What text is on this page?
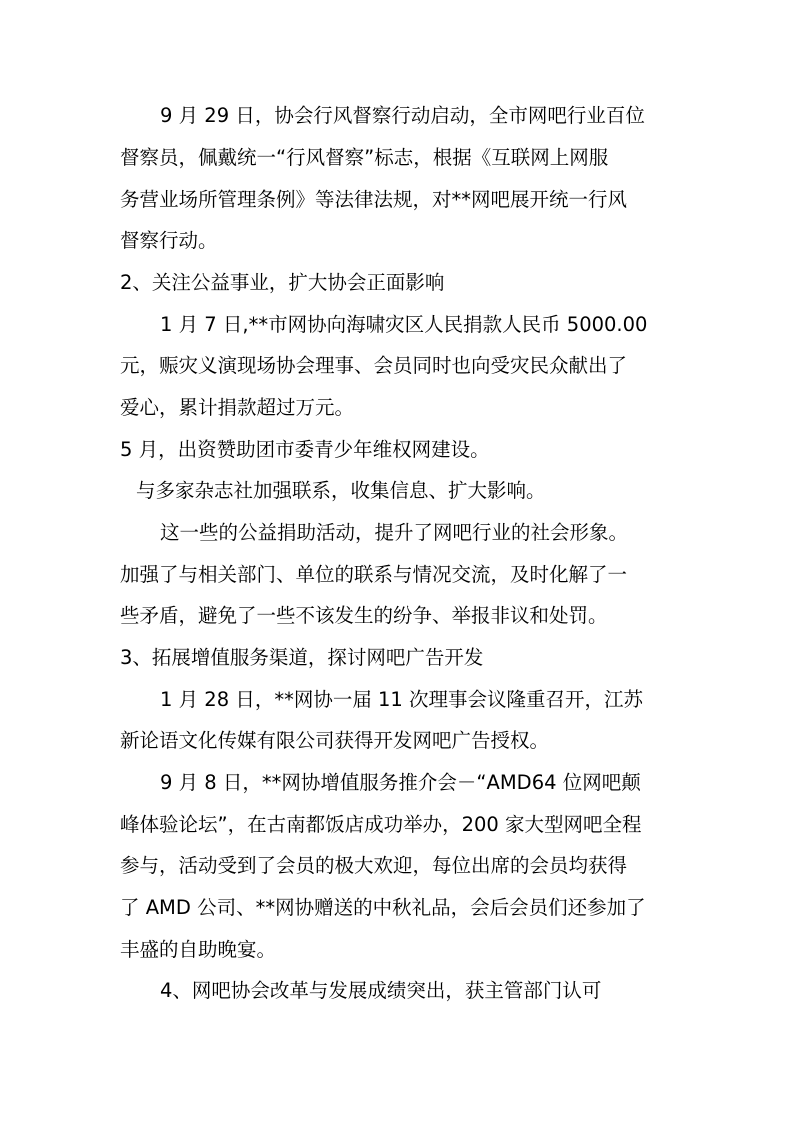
9 月 29 日，协会行风督察行动启动，全市网吧行业百位
督察员，佩戴统一“行风督察”标志，根据《互联网上网服
务营业场所管理条例》等法律法规，对**网吧展开统一行风
督察行动。
2、关注公益事业，扩大协会正面影响
1 月 7 日,**市网协向海啸灾区人民捐款人民币 5000.00
元，赈灾义演现场协会理事、会员同时也向受灾民众献出了
爱心，累计捐款超过万元。
5 月，出资赞助团市委青少年维权网建设。
与多家杂志社加强联系，收集信息、扩大影响。
这一些的公益捐助活动，提升了网吧行业的社会形象。
加强了与相关部门、单位的联系与情况交流，及时化解了一
些矛盾，避免了一些不该发生的纷争、举报非议和处罚。
3、拓展增值服务渠道，探讨网吧广告开发
1 月 28 日，**网协一届 11 次理事会议隆重召开，江苏
新论语文化传媒有限公司获得开发网吧广告授权。
9 月 8 日，**网协增值服务推介会－“AMD64 位网吧颠
峰体验论坛”，在古南都饭店成功举办，200 家大型网吧全程
参与，活动受到了会员的极大欢迎，每位出席的会员均获得
了 AMD 公司、**网协赠送的中秋礼品，会后会员们还参加了
丰盛的自助晚宴。
4、网吧协会改革与发展成绩突出，获主管部门认可
